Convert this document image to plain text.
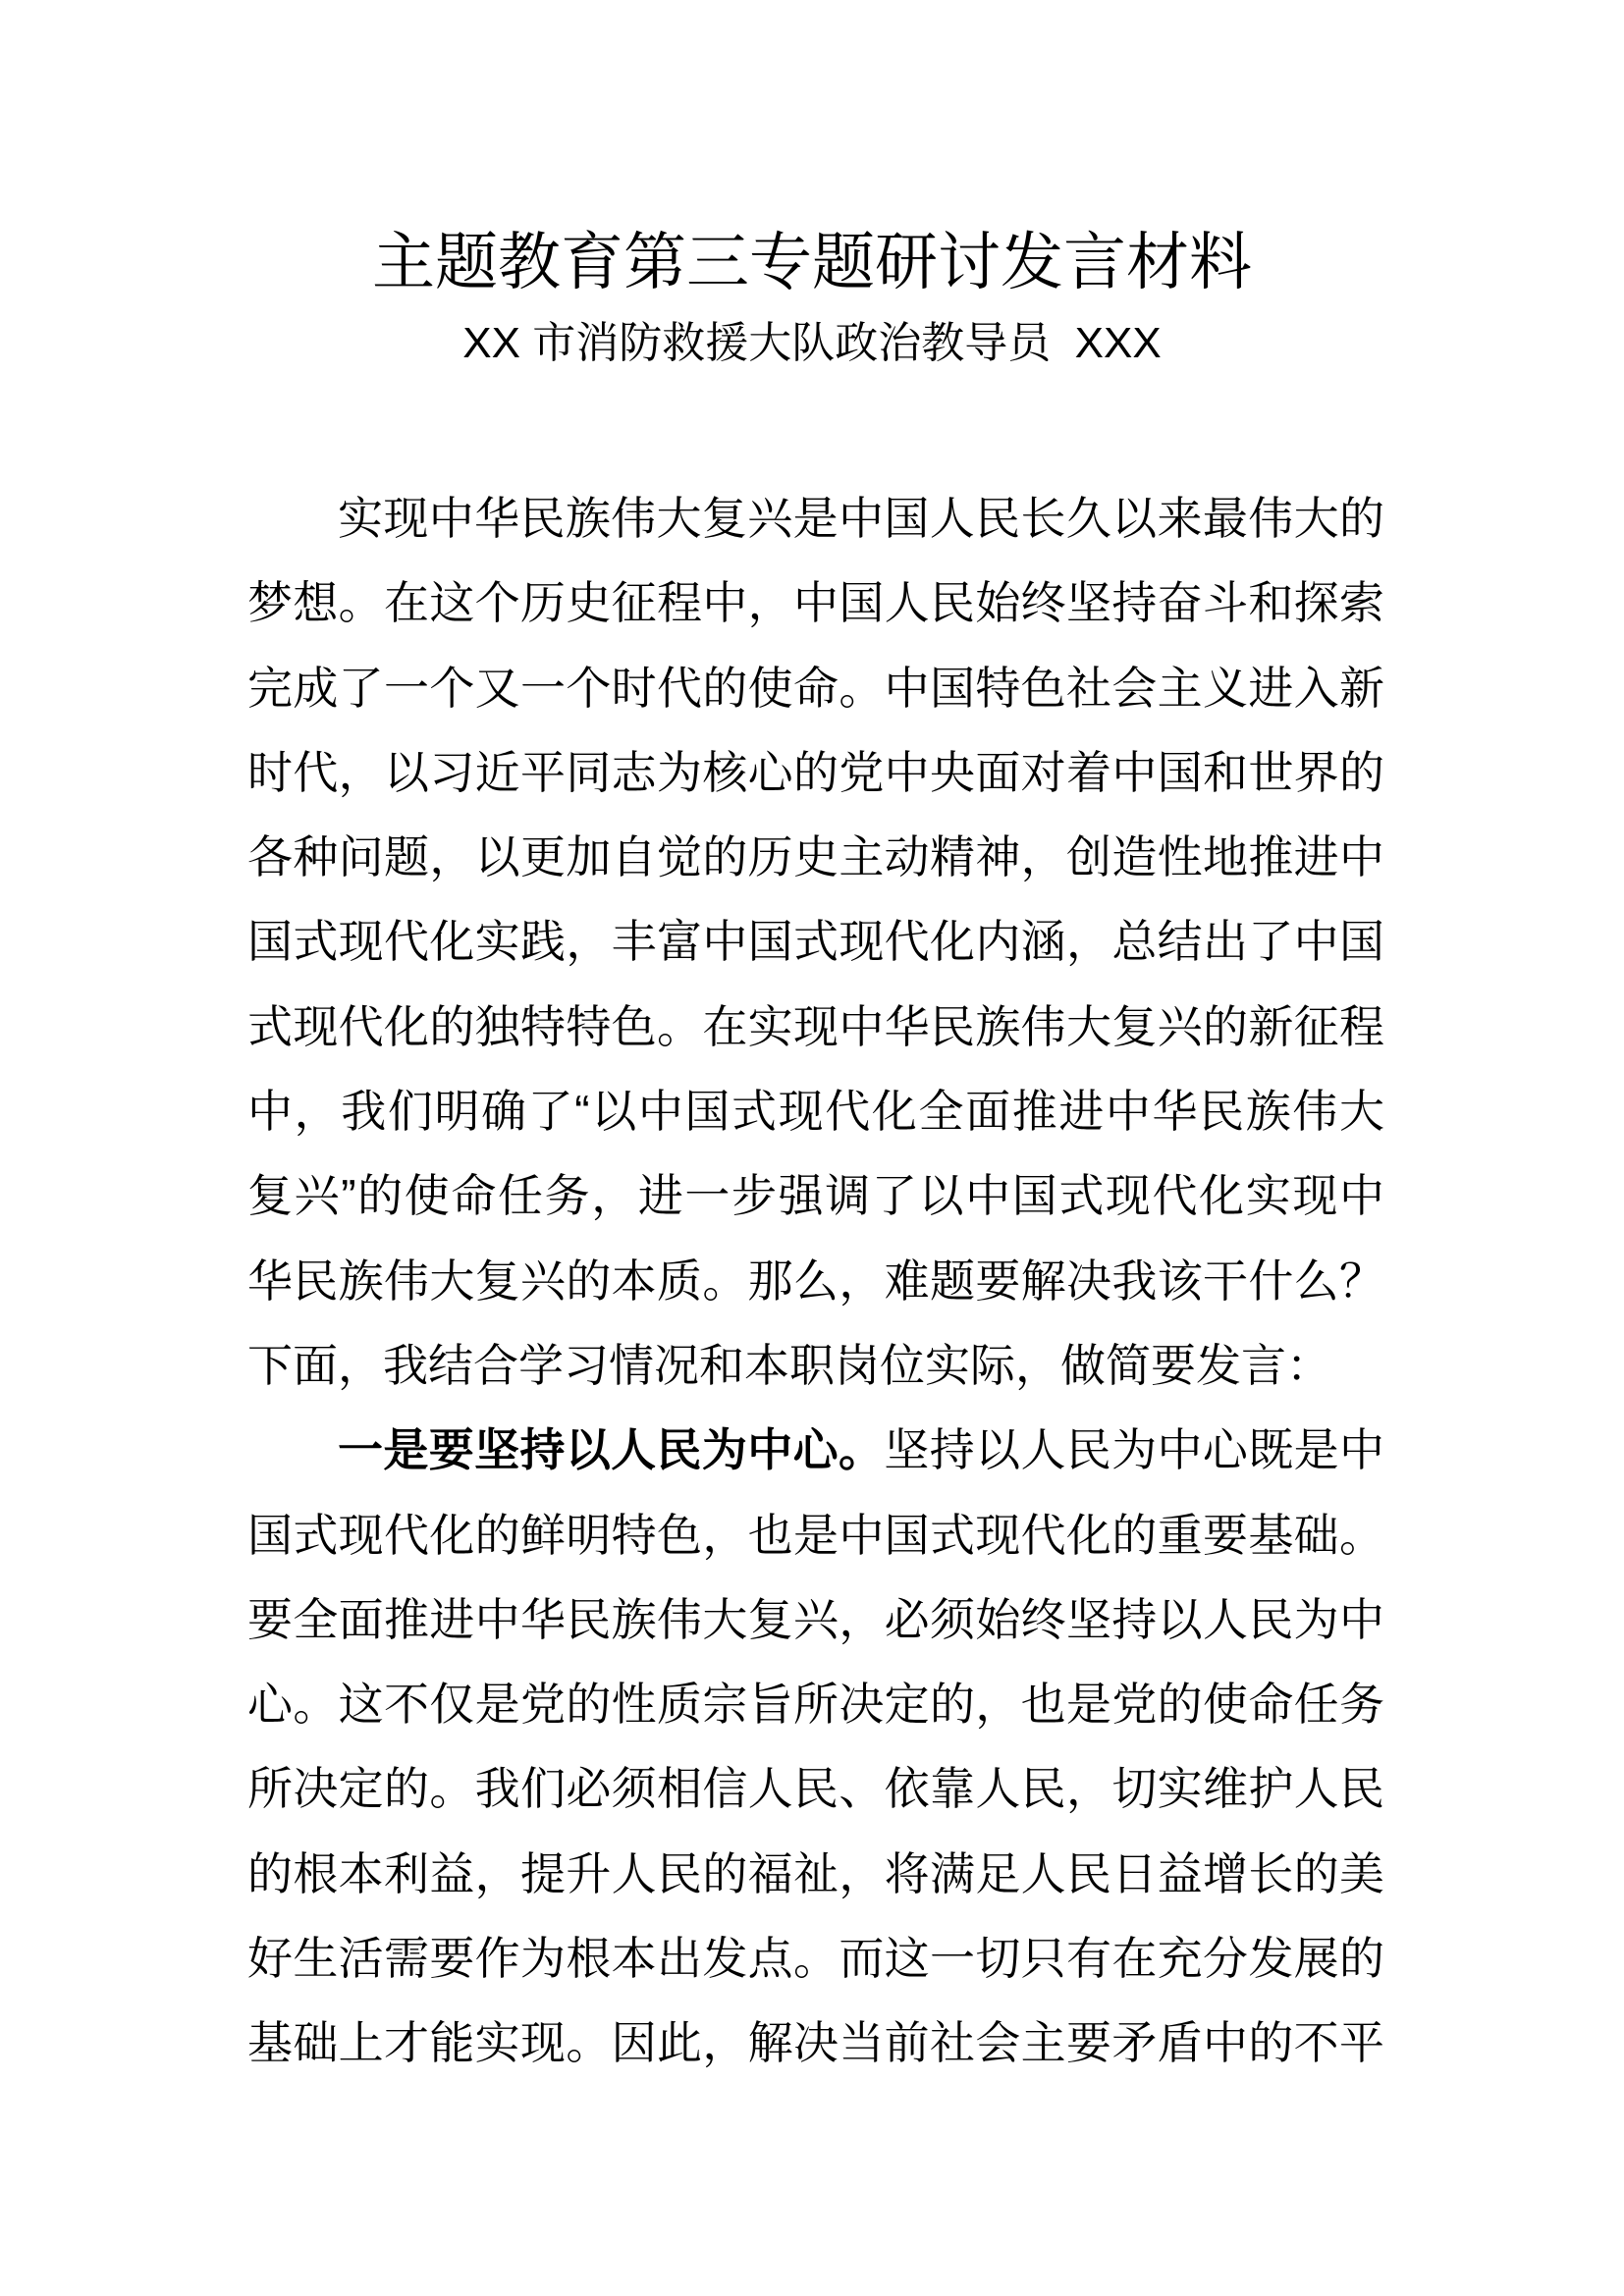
主题教育第三专题研讨发言材料
XX 市消防救援大队政治教导员  XXX
实现中华民族伟大复兴是中国人民长久以来最伟大的
梦想。在这个历史征程中，中国人民始终坚持奋斗和探索
完成了一个又一个时代的使命。中国特色社会主义进入新
时代，以习近平同志为核心的党中央面对着中国和世界的
各种问题，以更加自觉的历史主动精神，创造性地推进中
国式现代化实践，丰富中国式现代化内涵，总结出了中国
式现代化的独特特色。在实现中华民族伟大复兴的新征程
中，我们明确了“以中国式现代化全面推进中华民族伟大
复兴”的使命任务，进一步强调了以中国式现代化实现中
华民族伟大复兴的本质。那么，难题要解决我该干什么？
下面，我结合学习情况和本职岗位实际，做简要发言：
一是要坚持以人民为中心。坚持以人民为中心既是中
国式现代化的鲜明特色，也是中国式现代化的重要基础。
要全面推进中华民族伟大复兴，必须始终坚持以人民为中
心。这不仅是党的性质宗旨所决定的，也是党的使命任务
所决定的。我们必须相信人民、依靠人民，切实维护人民
的根本利益，提升人民的福祉，将满足人民日益增长的美
好生活需要作为根本出发点。而这一切只有在充分发展的
基础上才能实现。因此，解决当前社会主要矛盾中的不平
